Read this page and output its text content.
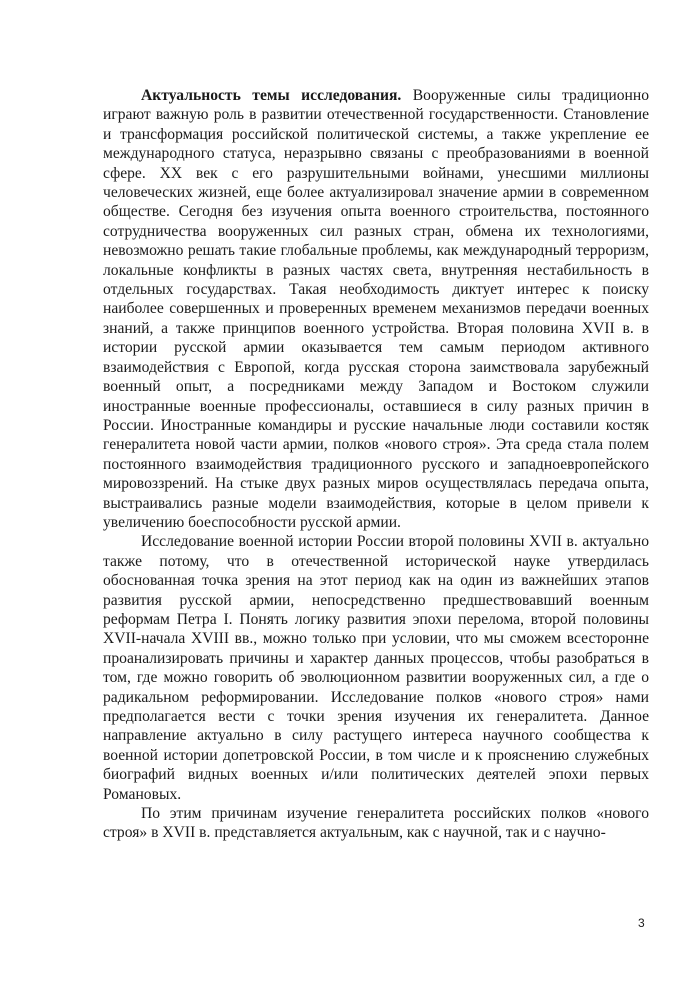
Актуальность темы исследования. Вооруженные силы традиционно играют важную роль в развитии отечественной государственности. Становление и трансформация российской политической системы, а также укрепление ее международного статуса, неразрывно связаны с преобразованиями в военной сфере. XX век с его разрушительными войнами, унесшими миллионы человеческих жизней, еще более актуализировал значение армии в современном обществе. Сегодня без изучения опыта военного строительства, постоянного сотрудничества вооруженных сил разных стран, обмена их технологиями, невозможно решать такие глобальные проблемы, как международный терроризм, локальные конфликты в разных частях света, внутренняя нестабильность в отдельных государствах. Такая необходимость диктует интерес к поиску наиболее совершенных и проверенных временем механизмов передачи военных знаний, а также принципов военного устройства. Вторая половина XVII в. в истории русской армии оказывается тем самым периодом активного взаимодействия с Европой, когда русская сторона заимствовала зарубежный военный опыт, а посредниками между Западом и Востоком служили иностранные военные профессионалы, оставшиеся в силу разных причин в России. Иностранные командиры и русские начальные люди составили костяк генералитета новой части армии, полков «нового строя». Эта среда стала полем постоянного взаимодействия традиционного русского и западноевропейского мировоззрений. На стыке двух разных миров осуществлялась передача опыта, выстраивались разные модели взаимодействия, которые в целом привели к увеличению боеспособности русской армии.

Исследование военной истории России второй половины XVII в. актуально также потому, что в отечественной исторической науке утвердилась обоснованная точка зрения на этот период как на один из важнейших этапов развития русской армии, непосредственно предшествовавший военным реформам Петра I. Понять логику развития эпохи перелома, второй половины XVII-начала XVIII вв., можно только при условии, что мы сможем всесторонне проанализировать причины и характер данных процессов, чтобы разобраться в том, где можно говорить об эволюционном развитии вооруженных сил, а где о радикальном реформировании. Исследование полков «нового строя» нами предполагается вести с точки зрения изучения их генералитета. Данное направление актуально в силу растущего интереса научного сообщества к военной истории допетровской России, в том числе и к прояснению служебных биографий видных военных и/или политических деятелей эпохи первых Романовых.

По этим причинам изучение генералитета российских полков «нового строя» в XVII в. представляется актуальным, как с научной, так и с научно-

3
